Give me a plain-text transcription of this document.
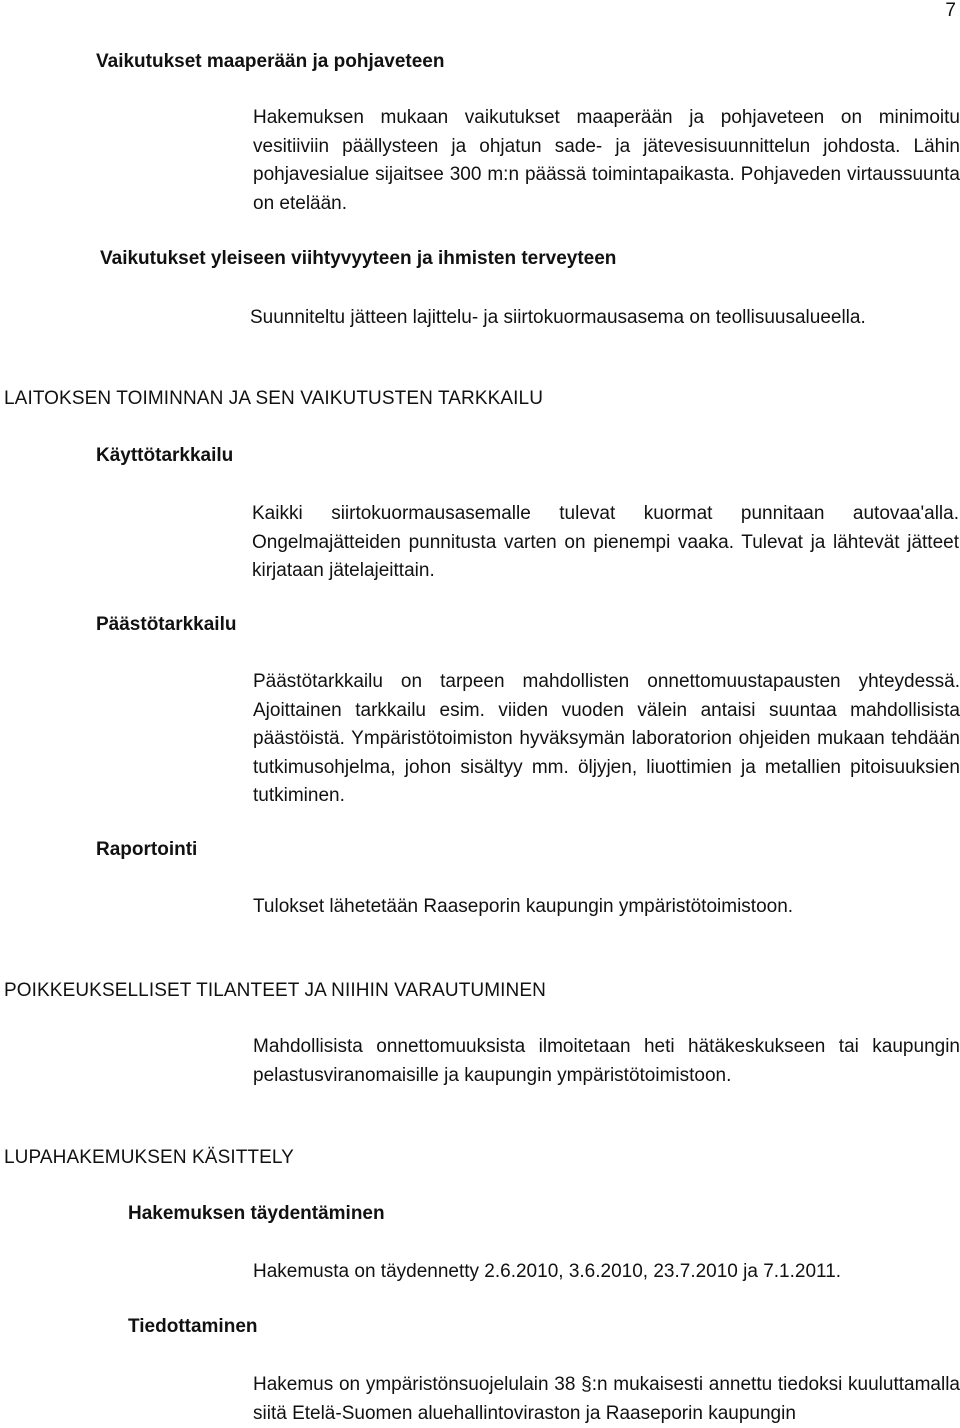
7
Vaikutukset maaperään ja pohjaveteen

Hakemuksen mukaan vaikutukset maaperään ja pohjaveteen on minimoitu vesitiiviin päällysteen ja ohjatun sade- ja jätevesisuunnittelun johdosta. Lähin pohjavesialue sijaitsee 300 m:n päässä toimintapaikasta. Pohjaveden virtaussuunta on etelään.

Vaikutukset yleiseen viihtyvyyteen ja ihmisten terveyteen

Suunniteltu jätteen lajittelu- ja siirtokuormausasema on teollisuusalueella.

LAITOKSEN TOIMINNAN JA SEN VAIKUTUSTEN TARKKAILU
Käyttötarkkailu

Kaikki siirtokuormausasemalle tulevat kuormat punnitaan autovaa'alla. Ongelmajätteiden punnitusta varten on pienempi vaaka. Tulevat ja lähtevät jätteet kirjataan jätelajeittain.

Päästötarkkailu

Päästötarkkailu on tarpeen mahdollisten onnettomuustapausten yhteydessä. Ajoittainen tarkkailu esim. viiden vuoden välein antaisi suuntaa mahdollisista päästöistä. Ympäristötoimiston hyväksymän laboratorion ohjeiden mukaan tehdään tutkimusohjelma, johon sisältyy mm. öljyjen, liuottimien ja metallien pitoisuuksien tutkiminen.

Raportointi

Tulokset lähetetään Raaseporin kaupungin ympäristötoimistoon.

POIKKEUKSELLISET TILANTEET JA NIIHIN VARAUTUMINEN

Mahdollisista onnettomuuksista ilmoitetaan heti hätäkeskukseen tai kaupungin pelastusviranomaisille ja kaupungin ympäristötoimistoon.

LUPAHAKEMUKSEN KÄSITTELY
Hakemuksen täydentäminen

Hakemusta on täydennetty 2.6.2010, 3.6.2010, 23.7.2010 ja 7.1.2011.

Tiedottaminen

Hakemus on ympäristönsuojelulain 38 §:n mukaisesti annettu tiedoksi kuuluttamalla siitä Etelä-Suomen aluehallintoviraston ja Raaseporin kaupungin
